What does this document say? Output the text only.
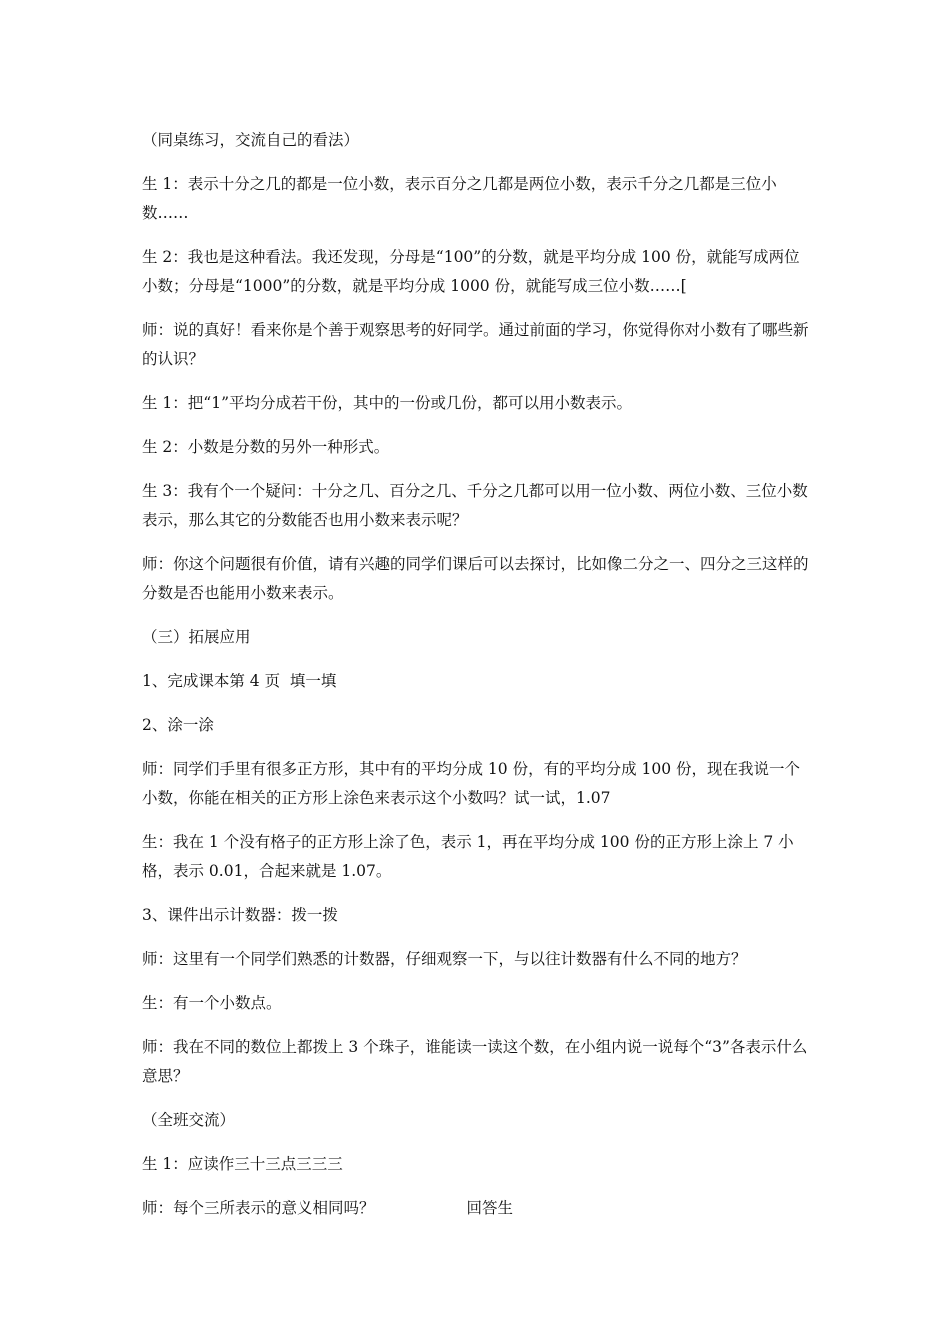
（同桌练习，交流自己的看法）

生 1：表示十分之几的都是一位小数，表示百分之几都是两位小数，表示千分之几都是三位小数……

生 2：我也是这种看法。我还发现，分母是“100”的分数，就是平均分成 100 份，就能写成两位小数；分母是“1000”的分数，就是平均分成 1000 份，就能写成三位小数……[

师：说的真好！看来你是个善于观察思考的好同学。通过前面的学习，你觉得你对小数有了哪些新的认识？

生 1：把“1”平均分成若干份，其中的一份或几份，都可以用小数表示。

生 2：小数是分数的另外一种形式。

生 3：我有个一个疑问：十分之几、百分之几、千分之几都可以用一位小数、两位小数、三位小数表示，那么其它的分数能否也用小数来表示呢？

师：你这个问题很有价值，请有兴趣的同学们课后可以去探讨，比如像二分之一、四分之三这样的分数是否也能用小数来表示。

（三）拓展应用

1、完成课本第 4 页  填一填

2、涂一涂

师：同学们手里有很多正方形，其中有的平均分成 10 份，有的平均分成 100 份，现在我说一个小数，你能在相关的正方形上涂色来表示这个小数吗？试一试，1.07

生：我在 1 个没有格子的正方形上涂了色，表示 1，再在平均分成 100 份的正方形上涂上 7 小格，表示 0.01，合起来就是 1.07。

3、课件出示计数器：拨一拨

师：这里有一个同学们熟悉的计数器，仔细观察一下，与以往计数器有什么不同的地方？

生：有一个小数点。

师：我在不同的数位上都拨上 3 个珠子，谁能读一读这个数，在小组内说一说每个“3”各表示什么意思？

（全班交流）

生 1：应读作三十三点三三三

师：每个三所表示的意义相同吗？	回答生
